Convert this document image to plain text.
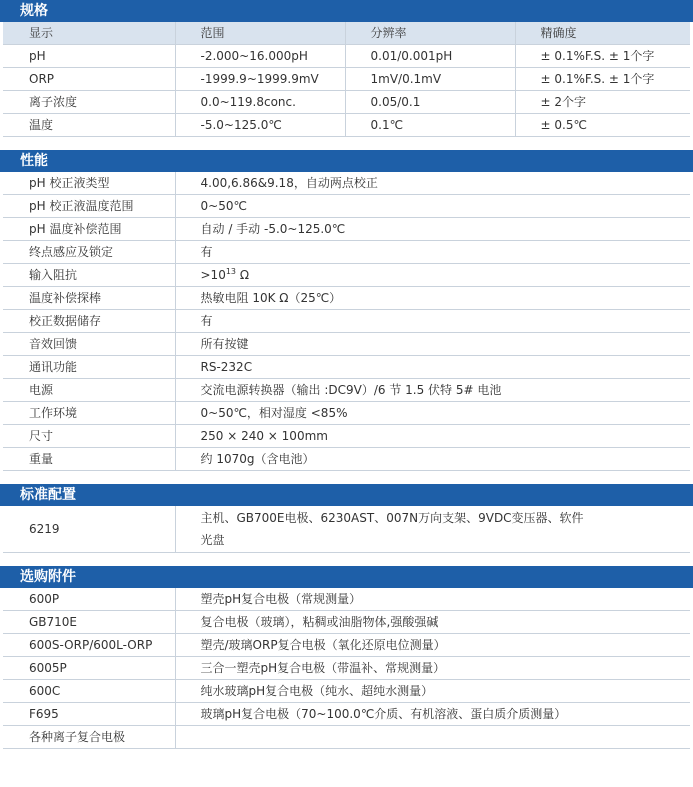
规格
显示	范围	分辨率	精确度
pH	-2.000~16.000pH	0.01/0.001pH	± 0.1%F.S. ± 1个字
ORP	-1999.9~1999.9mV	1mV/0.1mV	± 0.1%F.S. ± 1个字
离子浓度	0.0~119.8conc.	0.05/0.1	± 2个字
温度	-5.0~125.0℃	0.1℃	± 0.5℃
性能
pH 校正液类型	4.00,6.86&9.18，自动两点校正
pH 校正液温度范围	0~50℃
pH 温度补偿范围	自动 / 手动 -5.0~125.0℃
终点感应及锁定	有
输入阻抗	$>10^{13}$ Ω
温度补偿探棒	热敏电阻 10K Ω（25℃）
校正数据储存	有
音效回馈	所有按键
通讯功能	RS-232C
电源	交流电源转换器（输出 :DC9V）/6 节 1.5 伏特 5# 电池
工作环境	0~50℃，相对湿度 <85%
尺寸	250 × 240 × 100mm
重量	约 1070g（含电池）
标准配置
6219	主机、GB700E电极、6230AST、007N万向支架、9VDC变压器、软件光盘
选购附件
600P	塑壳pH复合电极（常规测量）
GB710E	复合电极（玻璃），粘稠或油脂物体,强酸强碱
600S-ORP/600L-ORP	塑壳/玻璃ORP复合电极（氧化还原电位测量）
6005P	三合一塑壳pH复合电极（带温补、常规测量）
600C	纯水玻璃pH复合电极（纯水、超纯水测量）
F695	玻璃pH复合电极（70~100.0℃介质、有机溶液、蛋白质介质测量）
各种离子复合电极	
